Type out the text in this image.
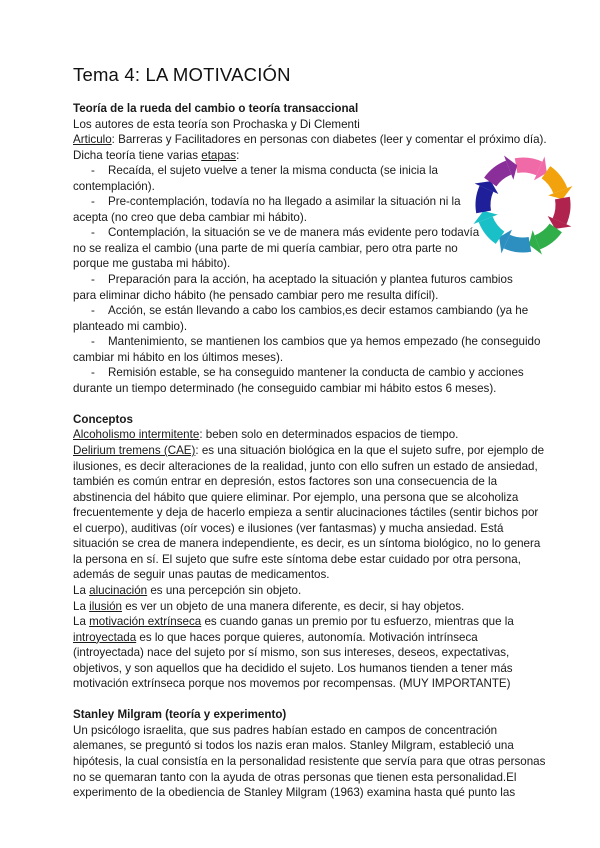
Tema 4: LA MOTIVACIÓN
Teoría de la rueda del cambio o teoría transaccional
Los autores de esta teoría son Prochaska y Di Clementi
Articulo: Barreras y Facilitadores en personas con diabetes (leer y comentar el próximo día).
Dicha teoría tiene varias etapas:
- Recaída, el sujeto vuelve a tener la misma conducta (se inicia la
contemplación).
- Pre-contemplación, todavía no ha llegado a asimilar la situación ni la
acepta (no creo que deba cambiar mi hábito).
- Contemplación, la situación se ve de manera más evidente pero todavía
no se realiza el cambio (una parte de mi quería cambiar, pero otra parte no
porque me gustaba mi hábito).
- Preparación para la acción, ha aceptado la situación y plantea futuros cambios
para eliminar dicho hábito (he pensado cambiar pero me resulta difícil).
- Acción, se están llevando a cabo los cambios,es decir estamos cambiando (ya he
planteado mi cambio).
- Mantenimiento, se mantienen los cambios que ya hemos empezado (he conseguido
cambiar mi hábito en los últimos meses).
- Remisión estable, se ha conseguido mantener la conducta de cambio y acciones
durante un tiempo determinado (he conseguido cambiar mi hábito estos 6 meses).
Conceptos
Alcoholismo intermitente: beben solo en determinados espacios de tiempo.
Delirium tremens (CAE): es una situación biológica en la que el sujeto sufre, por ejemplo de
ilusiones, es decir alteraciones de la realidad, junto con ello sufren un estado de ansiedad,
también es común entrar en depresión, estos factores son una consecuencia de la
abstinencia del hábito que quiere eliminar. Por ejemplo, una persona que se alcoholiza
frecuentemente y deja de hacerlo empieza a sentir alucinaciones táctiles (sentir bichos por
el cuerpo), auditivas (oír voces) e ilusiones (ver fantasmas) y mucha ansiedad. Está
situación se crea de manera independiente, es decir, es un síntoma biológico, no lo genera
la persona en sí. El sujeto que sufre este síntoma debe estar cuidado por otra persona,
además de seguir unas pautas de medicamentos.
La alucinación es una percepción sin objeto.
La ilusión es ver un objeto de una manera diferente, es decir, si hay objetos.
La motivación extrínseca es cuando ganas un premio por tu esfuerzo, mientras que la
introyectada es lo que haces porque quieres, autonomía. Motivación intrínseca
(introyectada) nace del sujeto por sí mismo, son sus intereses, deseos, expectativas,
objetivos, y son aquellos que ha decidido el sujeto. Los humanos tienden a tener más
motivación extrínseca porque nos movemos por recompensas. (MUY IMPORTANTE)
Stanley Milgram (teoría y experimento)
Un psicólogo israelita, que sus padres habían estado en campos de concentración
alemanes, se preguntó si todos los nazis eran malos. Stanley Milgram, estableció una
hipótesis, la cual consistía en la personalidad resistente que servía para que otras personas
no se quemaran tanto con la ayuda de otras personas que tienen esta personalidad.El
experimento de la obediencia de Stanley Milgram (1963) examina hasta qué punto las
